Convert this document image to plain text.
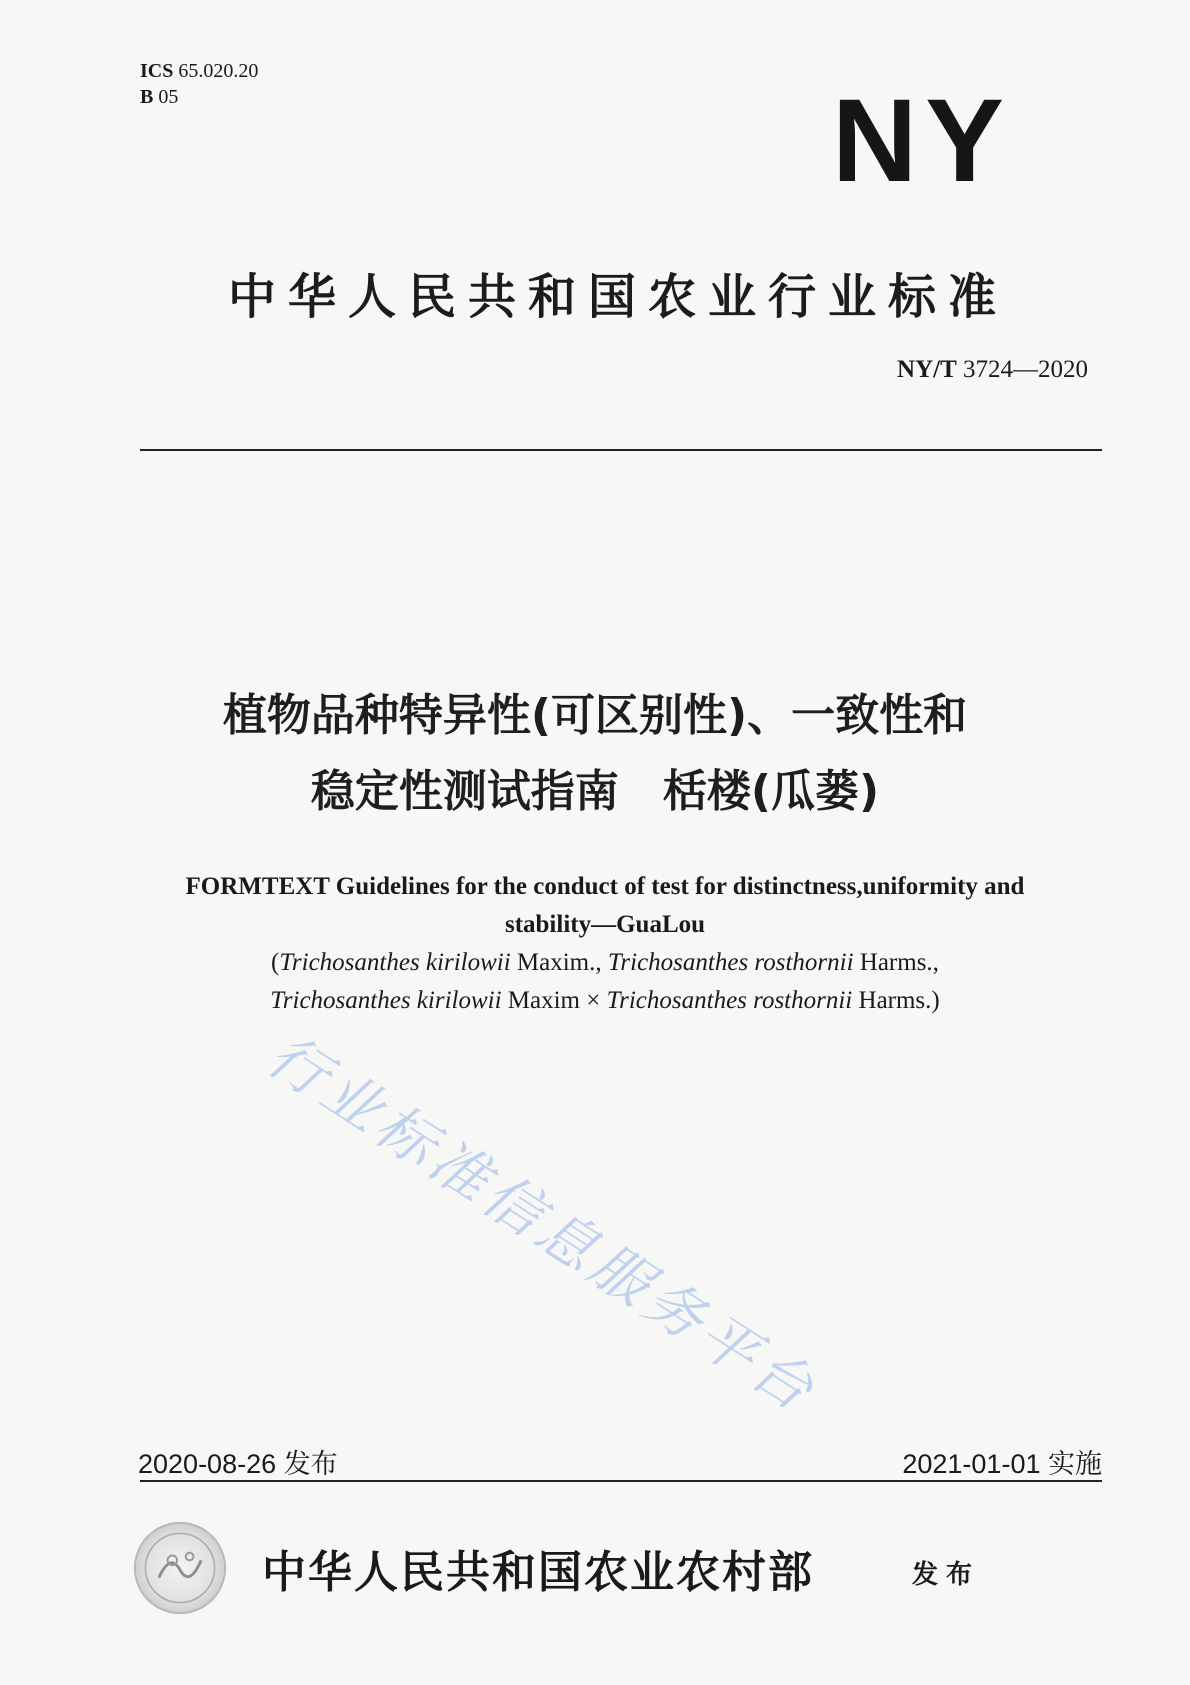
ICS 65.020.20
B 05	NY
中华人民共和国农业行业标准
NY/T 3724—2020
植物品种特异性(可区别性)、一致性和
稳定性测试指南　栝楼(瓜蒌)
FORMTEXT Guidelines for the conduct of test for distinctness,uniformity and
stability—GuaLou
(Trichosanthes kirilowii Maxim., Trichosanthes rosthornii Harms.,
Trichosanthes kirilowii Maxim × Trichosanthes rosthornii Harms.)
行业标准信息服务平台
2020-08-26 发布	2021-01-01 实施
中华人民共和国农业农村部	发布
